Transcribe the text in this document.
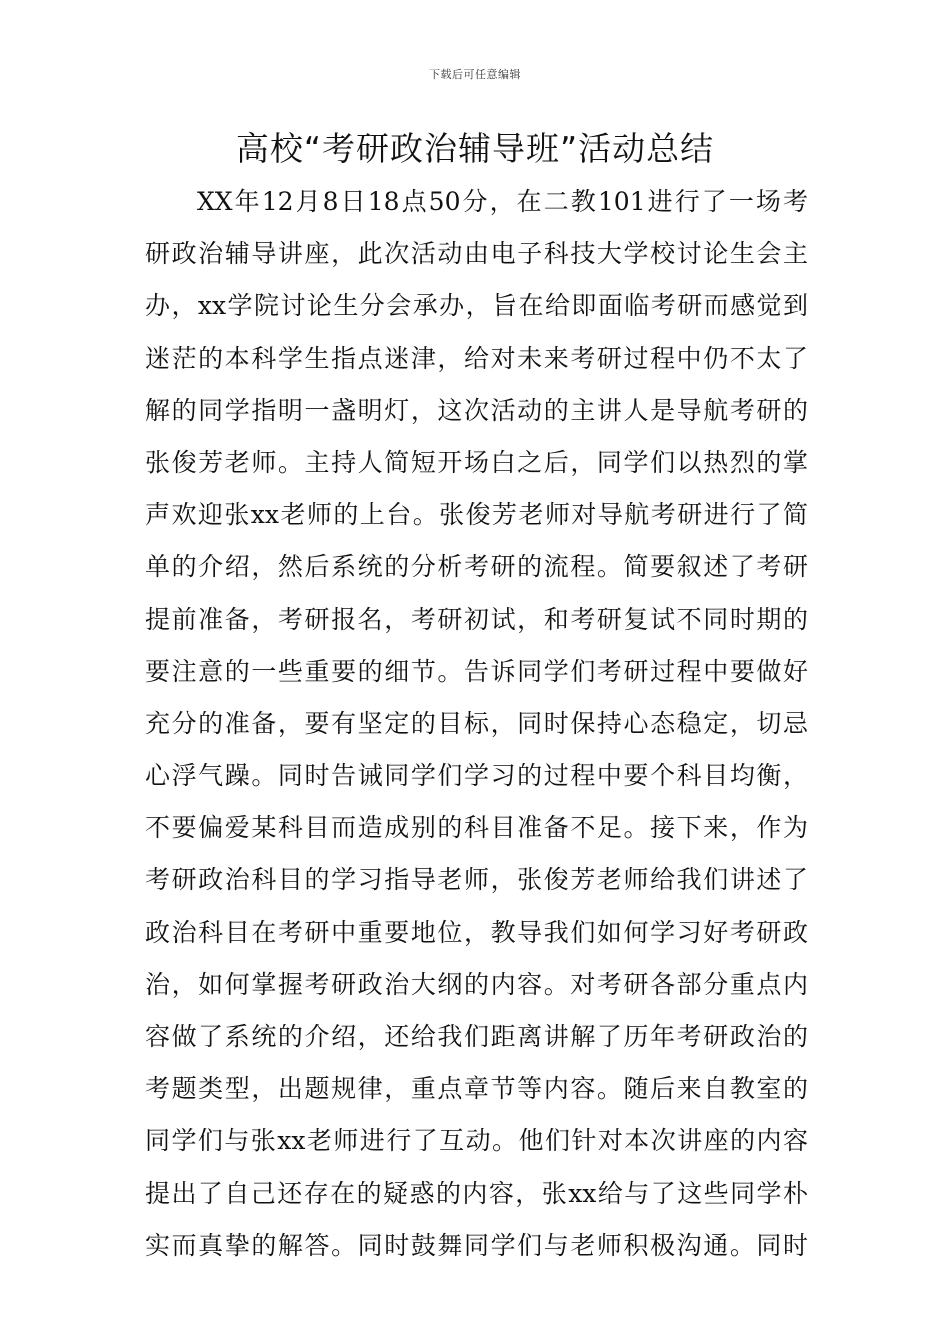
下载后可任意编辑
高校“考研政治辅导班”活动总结
XX年12月8日18点50分，在二教101进行了一场考
研政治辅导讲座，此次活动由电子科技大学校讨论生会主
办，xx学院讨论生分会承办，旨在给即面临考研而感觉到
迷茫的本科学生指点迷津，给对未来考研过程中仍不太了
解的同学指明一盏明灯，这次活动的主讲人是导航考研的
张俊芳老师。主持人简短开场白之后，同学们以热烈的掌
声欢迎张xx老师的上台。张俊芳老师对导航考研进行了简
单的介绍，然后系统的分析考研的流程。简要叙述了考研
提前准备，考研报名，考研初试，和考研复试不同时期的
要注意的一些重要的细节。告诉同学们考研过程中要做好
充分的准备，要有坚定的目标，同时保持心态稳定，切忌
心浮气躁。同时告诫同学们学习的过程中要个科目均衡，
不要偏爱某科目而造成别的科目准备不足。接下来，作为
考研政治科目的学习指导老师，张俊芳老师给我们讲述了
政治科目在考研中重要地位，教导我们如何学习好考研政
治，如何掌握考研政治大纲的内容。对考研各部分重点内
容做了系统的介绍，还给我们距离讲解了历年考研政治的
考题类型，出题规律，重点章节等内容。随后来自教室的
同学们与张xx老师进行了互动。他们针对本次讲座的内容
提出了自己还存在的疑惑的内容，张xx给与了这些同学朴
实而真挚的解答。同时鼓舞同学们与老师积极沟通。同时
